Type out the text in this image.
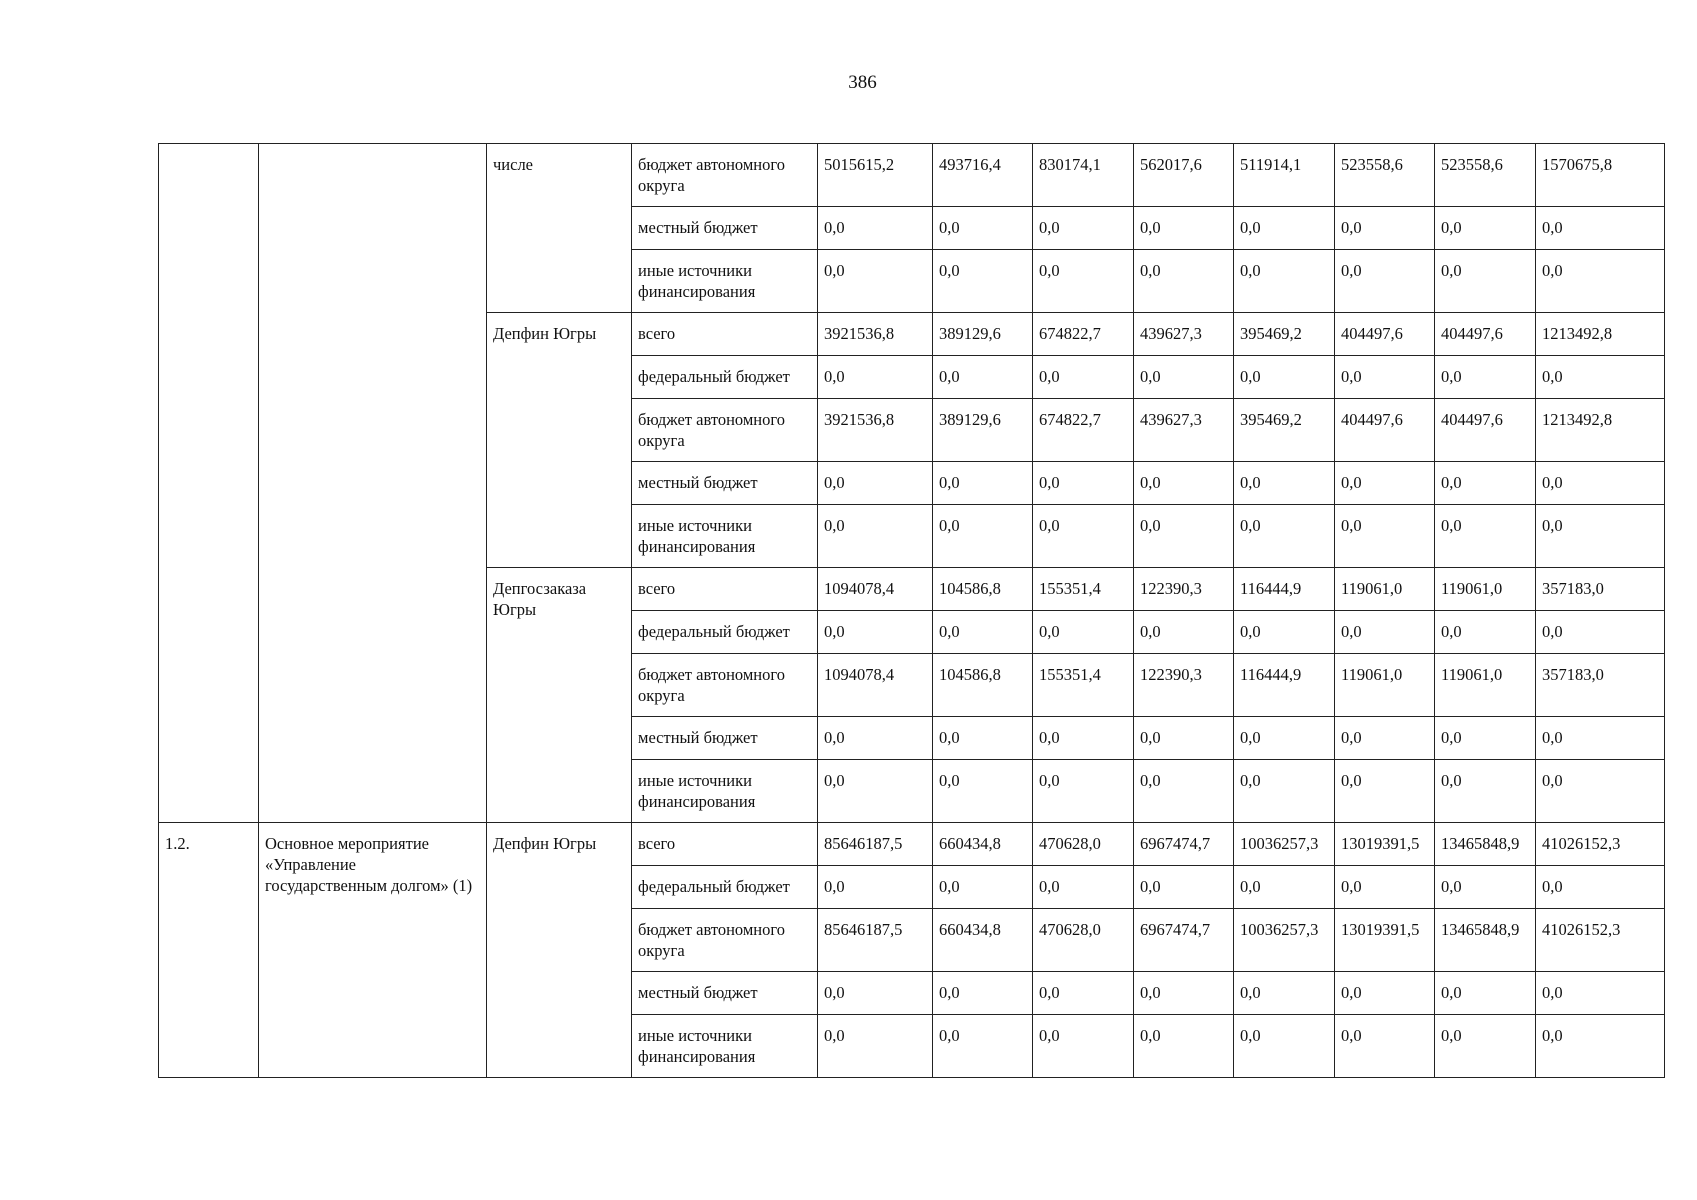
386
		числе	бюджет автономного округа	5015615,2	493716,4	830174,1	562017,6	511914,1	523558,6	523558,6	1570675,8
			местный бюджет	0,0	0,0	0,0	0,0	0,0	0,0	0,0	0,0
			иные источники финансирования	0,0	0,0	0,0	0,0	0,0	0,0	0,0	0,0
		Депфин Югры	всего	3921536,8	389129,6	674822,7	439627,3	395469,2	404497,6	404497,6	1213492,8
			федеральный бюджет	0,0	0,0	0,0	0,0	0,0	0,0	0,0	0,0
			бюджет автономного округа	3921536,8	389129,6	674822,7	439627,3	395469,2	404497,6	404497,6	1213492,8
			местный бюджет	0,0	0,0	0,0	0,0	0,0	0,0	0,0	0,0
			иные источники финансирования	0,0	0,0	0,0	0,0	0,0	0,0	0,0	0,0
		Депгосзаказа Югры	всего	1094078,4	104586,8	155351,4	122390,3	116444,9	119061,0	119061,0	357183,0
			федеральный бюджет	0,0	0,0	0,0	0,0	0,0	0,0	0,0	0,0
			бюджет автономного округа	1094078,4	104586,8	155351,4	122390,3	116444,9	119061,0	119061,0	357183,0
			местный бюджет	0,0	0,0	0,0	0,0	0,0	0,0	0,0	0,0
			иные источники финансирования	0,0	0,0	0,0	0,0	0,0	0,0	0,0	0,0
1.2.	Основное мероприятие «Управление государственным долгом» (1)	Депфин Югры	всего	85646187,5	660434,8	470628,0	6967474,7	10036257,3	13019391,5	13465848,9	41026152,3
			федеральный бюджет	0,0	0,0	0,0	0,0	0,0	0,0	0,0	0,0
			бюджет автономного округа	85646187,5	660434,8	470628,0	6967474,7	10036257,3	13019391,5	13465848,9	41026152,3
			местный бюджет	0,0	0,0	0,0	0,0	0,0	0,0	0,0	0,0
			иные источники финансирования	0,0	0,0	0,0	0,0	0,0	0,0	0,0	0,0
